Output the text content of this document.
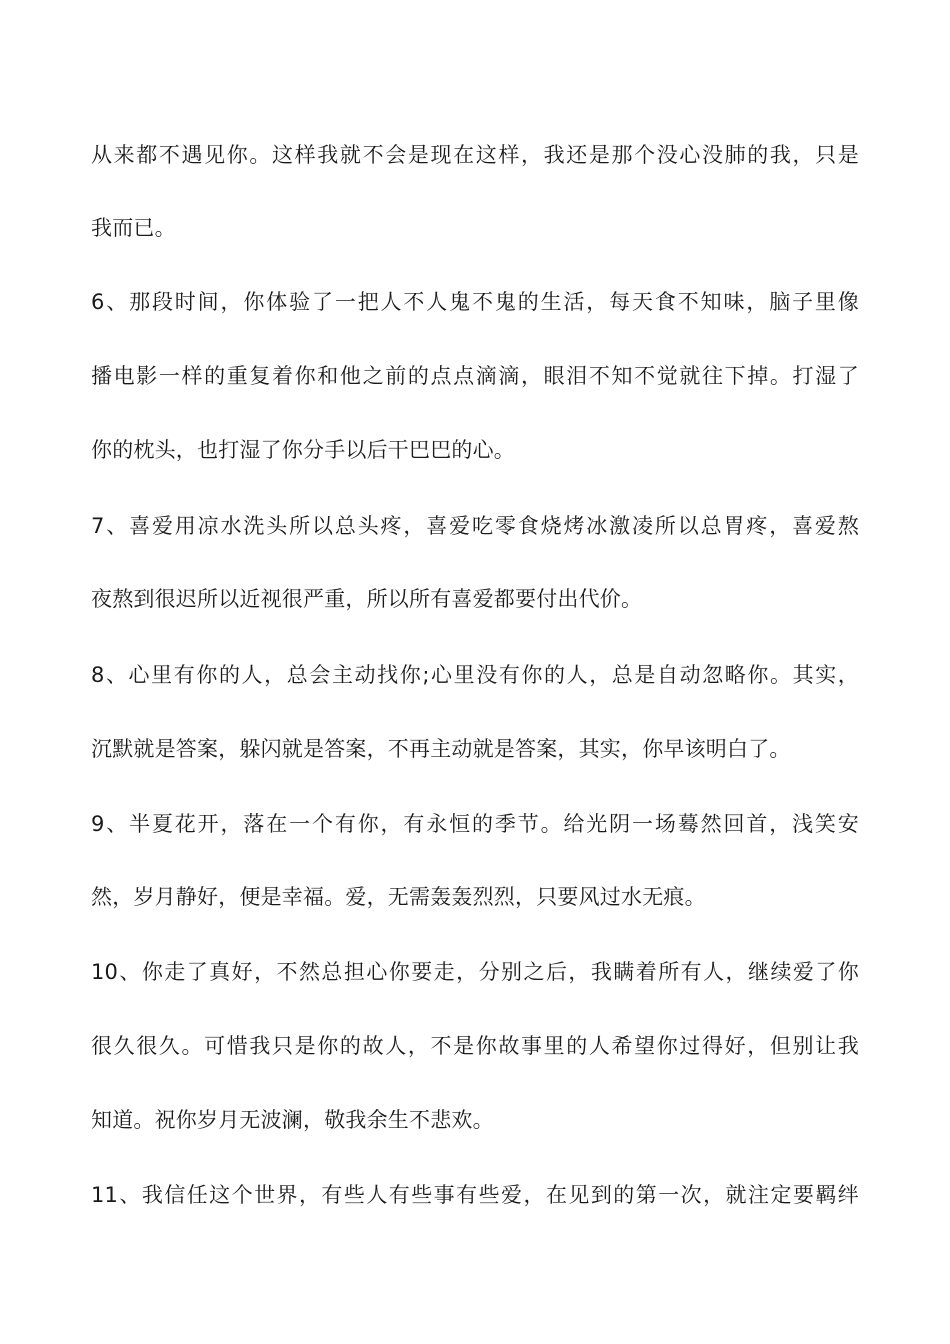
从来都不遇见你。这样我就不会是现在这样，我还是那个没心没肺的我，只是
我而已。
6、那段时间，你体验了一把人不人鬼不鬼的生活，每天食不知味，脑子里像
播电影一样的重复着你和他之前的点点滴滴，眼泪不知不觉就往下掉。打湿了
你的枕头，也打湿了你分手以后干巴巴的心。
7、喜爱用凉水洗头所以总头疼，喜爱吃零食烧烤冰激凌所以总胃疼，喜爱熬
夜熬到很迟所以近视很严重，所以所有喜爱都要付出代价。
8、心里有你的人，总会主动找你;心里没有你的人，总是自动忽略你。其实，
沉默就是答案，躲闪就是答案，不再主动就是答案，其实，你早该明白了。
9、半夏花开，落在一个有你，有永恒的季节。给光阴一场蓦然回首，浅笑安
然，岁月静好，便是幸福。爱，无需轰轰烈烈，只要风过水无痕。
10、你走了真好，不然总担心你要走，分别之后，我瞒着所有人，继续爱了你
很久很久。可惜我只是你的故人，不是你故事里的人希望你过得好，但别让我
知道。祝你岁月无波澜，敬我余生不悲欢。
11、我信任这个世界，有些人有些事有些爱，在见到的第一次，就注定要羁绊
